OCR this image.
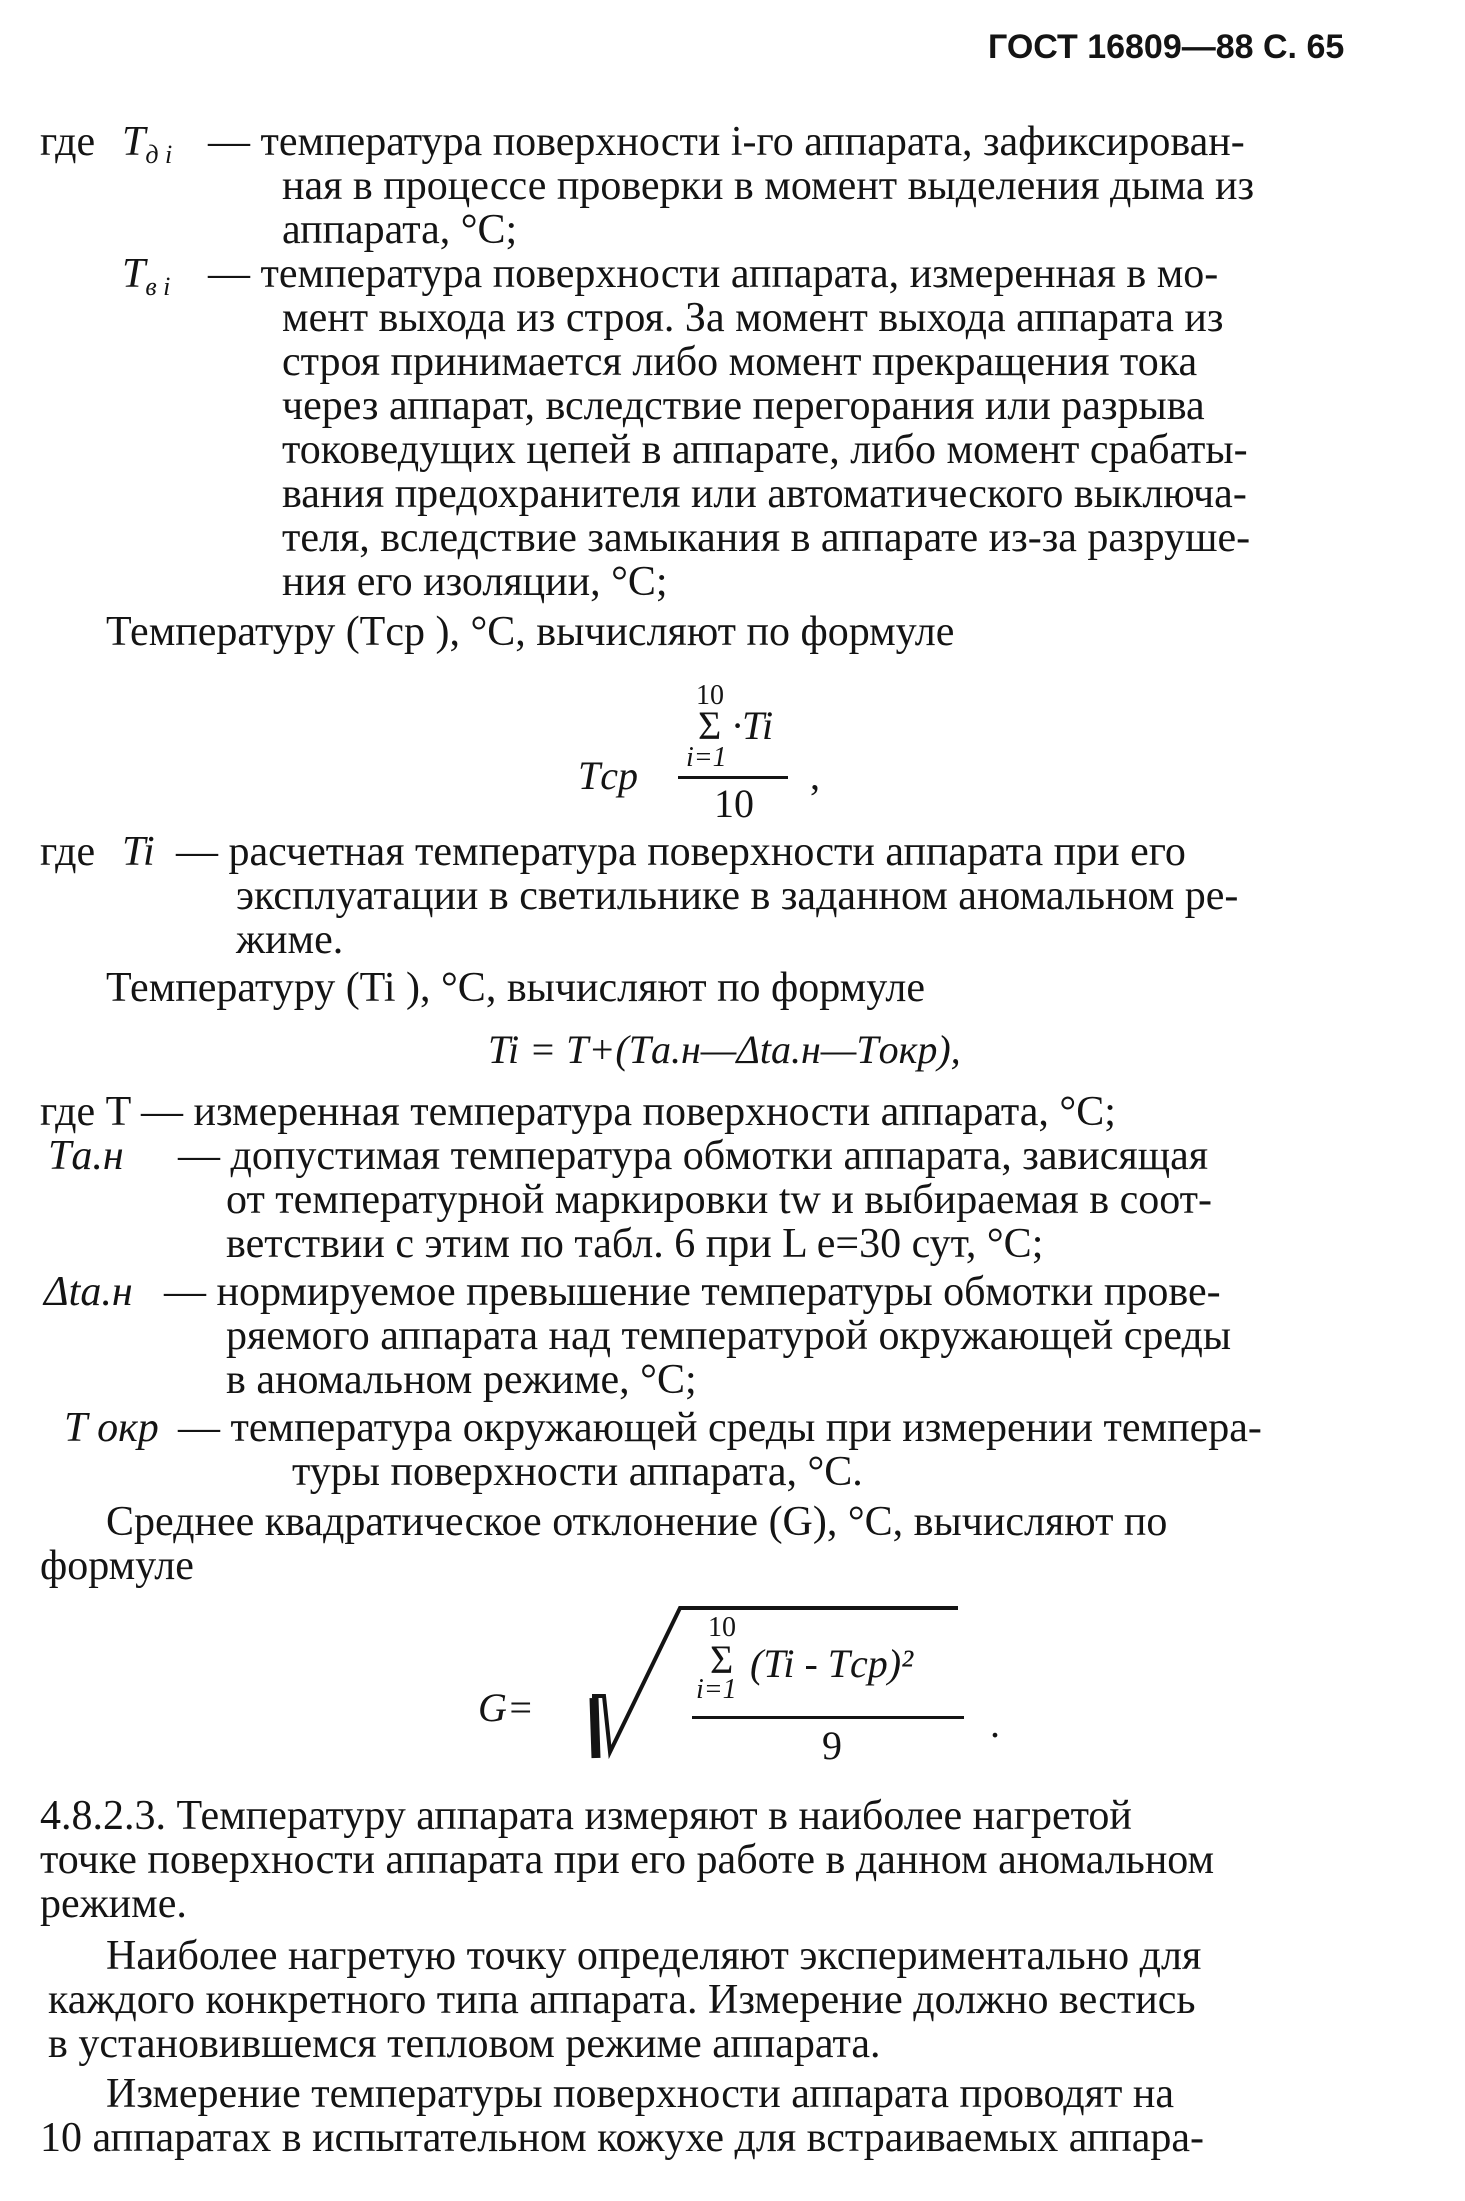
ГОСТ 16809—88 С. 65
где $T_{д i}$ — температура поверхности i-го аппарата, зафиксирован-
ная в процессе проверки в момент выделения дыма из
аппарата, °С;
$T_{в i}$ — температура поверхности аппарата, измеренная в мо-
мент выхода из строя. За момент выхода аппарата из
строя принимается либо момент прекращения тока
через аппарат, вследствие перегорания или разрыва
токоведущих цепей в аппарате, либо момент срабаты-
вания предохранителя или автоматического выключа-
теля, вследствие замыкания в аппарате из-за разруше-
ния его изоляции, °С;
Температуру (Tср ), °С, вычисляют по формуле
10
Σ ·Ti
i=1
Tср
10
,
где Ti — расчетная температура поверхности аппарата при его
эксплуатации в светильнике в заданном аномальном ре-
жиме.
Температуру (Ti ), °С, вычисляют по формуле
Ti = T+(Tа.н—Δtа.н—Tокр),
где T — измеренная температура поверхности аппарата, °С;
Tа.н — допустимая температура обмотки аппарата, зависящая
от температурной маркировки tw и выбираемая в соот-
ветствии с этим по табл. 6 при L e=30 сут, °С;
Δtа.н — нормируемое превышение температуры обмотки прове-
ряемого аппарата над температурой окружающей среды
в аномальном режиме, °С;
T окр — температура окружающей среды при измерении темпера-
туры поверхности аппарата, °С.
Среднее квадратическое отклонение (G), °С, вычисляют по
формуле
G=
10
Σ (Ti - Tср)²
i=1
9	.
4.8.2.3. Температуру аппарата измеряют в наиболее нагретой
точке поверхности аппарата при его работе в данном аномальном
режиме.
Наиболее нагретую точку определяют экспериментально для
каждого конкретного типа аппарата. Измерение должно вестись
в установившемся тепловом режиме аппарата.
Измерение температуры поверхности аппарата проводят на
10 аппаратах в испытательном кожухе для встраиваемых аппара-
